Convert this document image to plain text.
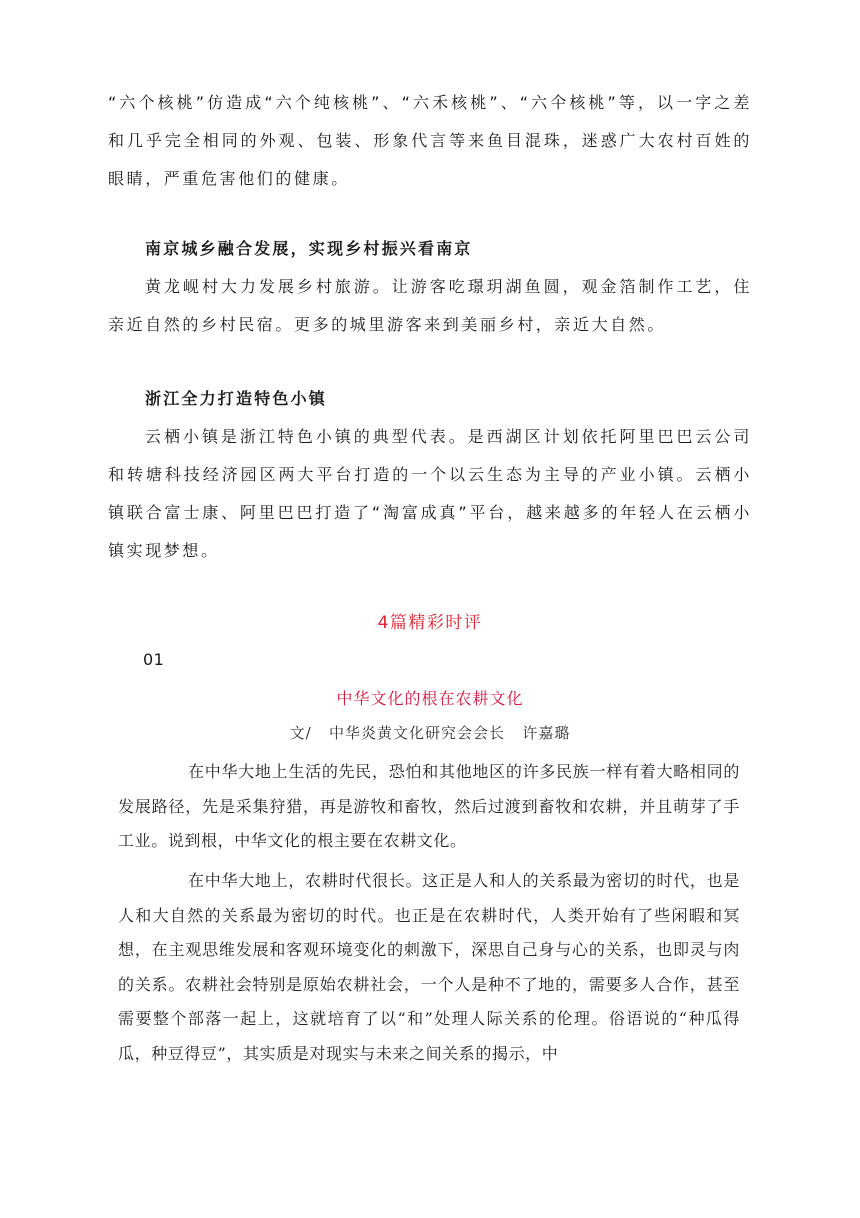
“六个核桃”仿造成“六个纯核桃”、“六禾核桃”、“六仐核桃”等，以一字之差和几乎完全相同的外观、包装、形象代言等来鱼目混珠，迷惑广大农村百姓的眼睛，严重危害他们的健康。
南京城乡融合发展，实现乡村振兴看南京
黄龙岘村大力发展乡村旅游。让游客吃璟玥湖鱼圆，观金箔制作工艺，住亲近自然的乡村民宿。更多的城里游客来到美丽乡村，亲近大自然。
浙江全力打造特色小镇
云栖小镇是浙江特色小镇的典型代表。是西湖区计划依托阿里巴巴云公司和转塘科技经济园区两大平台打造的一个以云生态为主导的产业小镇。云栖小镇联合富士康、阿里巴巴打造了“淘富成真”平台，越来越多的年轻人在云栖小镇实现梦想。
4篇精彩时评
01
中华文化的根在农耕文化
文/   中华炎黄文化研究会会长   许嘉璐
在中华大地上生活的先民，恐怕和其他地区的许多民族一样有着大略相同的发展路径，先是采集狩猎，再是游牧和畜牧，然后过渡到畜牧和农耕，并且萌芽了手工业。说到根，中华文化的根主要在农耕文化。
在中华大地上，农耕时代很长。这正是人和人的关系最为密切的时代，也是人和大自然的关系最为密切的时代。也正是在农耕时代，人类开始有了些闲暇和冥想，在主观思维发展和客观环境变化的刺激下，深思自己身与心的关系，也即灵与肉的关系。农耕社会特别是原始农耕社会，一个人是种不了地的，需要多人合作，甚至需要整个部落一起上，这就培育了以“和”处理人际关系的伦理。俗语说的“种瓜得瓜，种豆得豆”，其实质是对现实与未来之间关系的揭示，中
